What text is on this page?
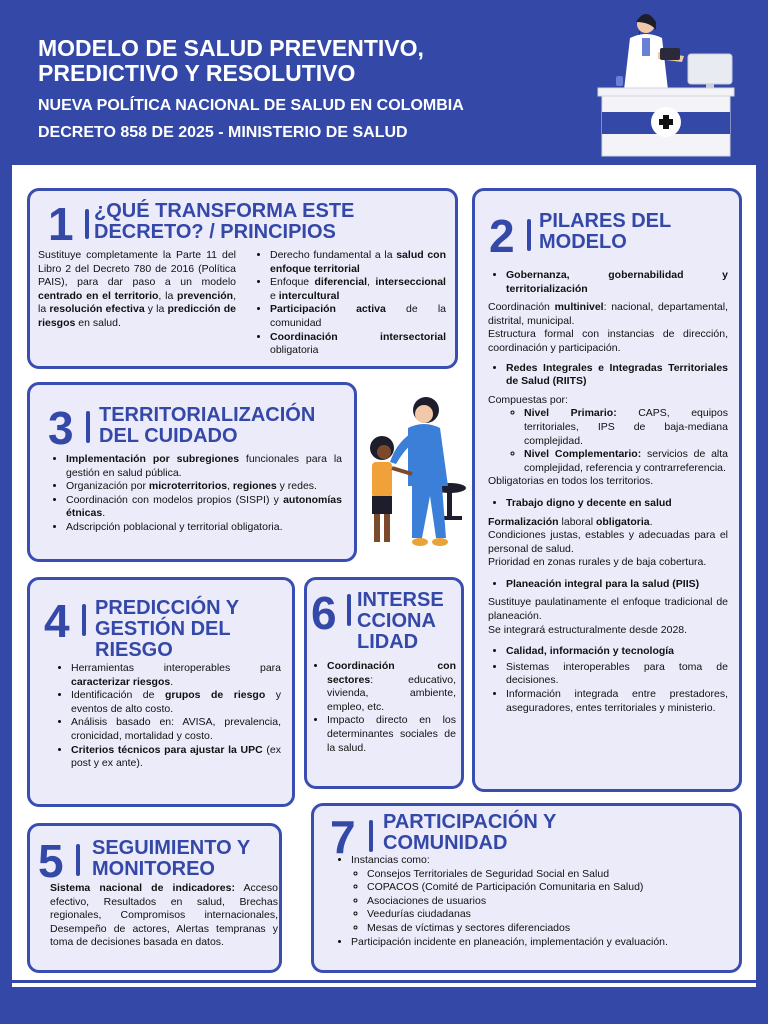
MODELO DE SALUD PREVENTIVO,
PREDICTIVO Y RESOLUTIVO
NUEVA POLÍTICA NACIONAL DE SALUD EN COLOMBIA
DECRETO 858 DE 2025 - MINISTERIO DE SALUD
1 ¿QUÉ TRANSFORMA ESTE DECRETO? / PRINCIPIOS
Sustituye completamente la Parte 11 del Libro 2 del Decreto 780 de 2016 (Política PAIS), para dar paso a un modelo centrado en el territorio, la prevención, la resolución efectiva y la predicción de riesgos en salud.
• Derecho fundamental a la salud con enfoque territorial
• Enfoque diferencial, interseccional e intercultural
• Participación activa de la comunidad
• Coordinación intersectorial obligatoria
2 PILARES DEL MODELO
• Gobernanza, gobernabilidad y territorialización
Coordinación multinivel: nacional, departamental, distrital, municipal.
Estructura formal con instancias de dirección, coordinación y participación.
• Redes Integrales e Integradas Territoriales de Salud (RIITS)
Compuestas por:
◦ Nivel Primario: CAPS, equipos territoriales, IPS de baja-mediana complejidad.
◦ Nivel Complementario: servicios de alta complejidad, referencia y contrarreferencia.
Obligatorias en todos los territorios.
• Trabajo digno y decente en salud
Formalización laboral obligatoria.
Condiciones justas, estables y adecuadas para el personal de salud.
Prioridad en zonas rurales y de baja cobertura.
• Planeación integral para la salud (PIIS)
Sustituye paulatinamente el enfoque tradicional de planeación.
Se integrará estructuralmente desde 2028.
• Calidad, información y tecnología
• Sistemas interoperables para toma de decisiones.
• Información integrada entre prestadores, aseguradores, entes territoriales y ministerio.
3 TERRITORIALIZACIÓN DEL CUIDADO
• Implementación por subregiones funcionales para la gestión en salud pública.
• Organización por microterritorios, regiones y redes.
• Coordinación con modelos propios (SISPI) y autonomías étnicas.
• Adscripción poblacional y territorial obligatoria.
4 PREDICCIÓN Y GESTIÓN DEL RIESGO
• Herramientas interoperables para caracterizar riesgos.
• Identificación de grupos de riesgo y eventos de alto costo.
• Análisis basado en: AVISA, prevalencia, cronicidad, mortalidad y costo.
• Criterios técnicos para ajustar la UPC (ex post y ex ante).
6 INTERSE
CCIONA
LIDAD
• Coordinación con sectores: educativo, vivienda, ambiente, empleo, etc.
• Impacto directo en los determinantes sociales de la salud.
5 SEGUIMIENTO Y MONITOREO
Sistema nacional de indicadores: Acceso efectivo, Resultados en salud, Brechas regionales, Compromisos internacionales, Desempeño de actores, Alertas tempranas y toma de decisiones basada en datos.
7 PARTICIPACIÓN Y COMUNIDAD
• Instancias como:
◦ Consejos Territoriales de Seguridad Social en Salud
◦ COPACOS (Comité de Participación Comunitaria en Salud)
◦ Asociaciones de usuarios
◦ Veedurías ciudadanas
◦ Mesas de víctimas y sectores diferenciados
• Participación incidente en planeación, implementación y evaluación.
FUENTE: DECRETO 858 DE 2025	CREADOR: ALEJANDRO FORERO
